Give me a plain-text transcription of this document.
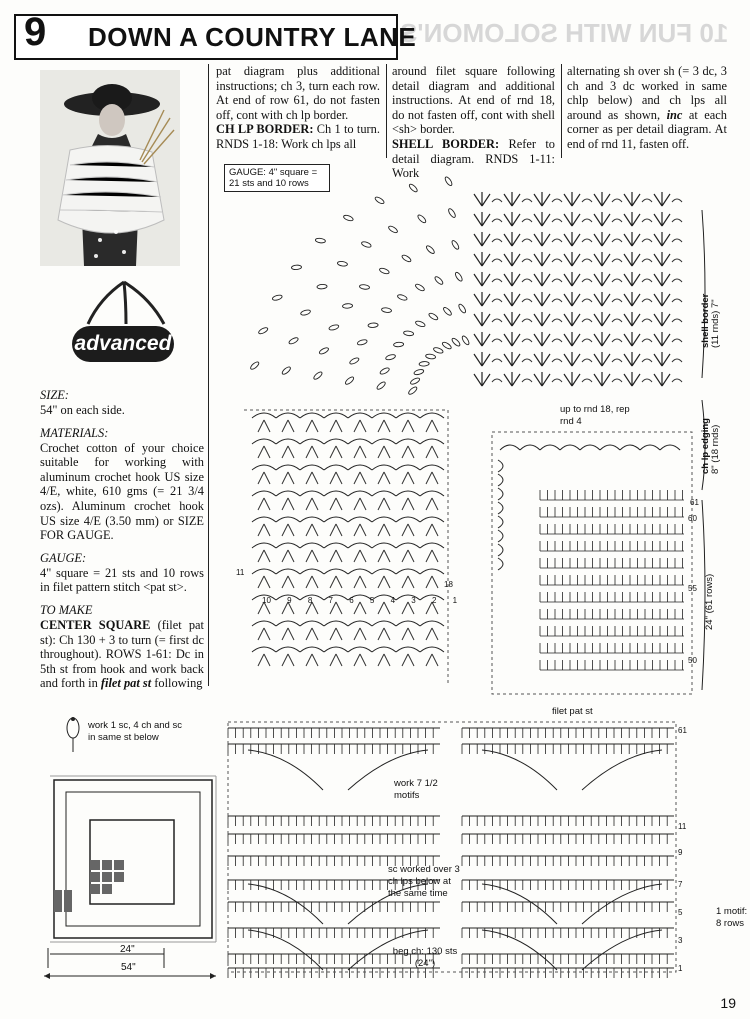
10 FUN WITH SOLOMON'S
9 DOWN A COUNTRY LANE
advanced
pat diagram plus additional instructions; ch 3, turn each row. At end of row 61, do not fasten off, cont with ch lp border.
CH LP BORDER: Ch 1 to turn. RNDS 1-18: Work ch lps all
around filet square following detail diagram and additional instructions. At end of rnd 18, do not fasten off, cont with shell <sh> border.
SHELL BORDER: Refer to detail diagram. RNDS 1-11: Work
alternating sh over sh (= 3 dc, 3 ch and 3 dc worked in same chlp below) and ch lps all around as shown, inc at each corner as per detail diagram. At end of rnd 11, fasten off.
SIZE:
54" on each side.
MATERIALS:
Crochet cotton of your choice suitable for working with aluminum crochet hook US size 4/E, white, 610 gms (= 21 3/4 ozs). Aluminum crochet hook US size 4/E (3.50 mm) or SIZE FOR GAUGE.
GAUGE:
4" square = 21 sts and 10 rows in filet pattern stitch <pat st>.
TO MAKE
CENTER SQUARE (filet pat st): Ch 130 + 3 to turn (= first dc throughout). ROWS 1-61: Dc in 5th st from hook and work back and forth in filet pat st following
GAUGE: 4" square = 21 sts and 10 rows
shell border (11 rnds) 7"
up to rnd 18, rep rnd 4	ch lp edging 8" (18 rnds)
24" (61 rows)
61
60
55
50
11
18
10 9 8 7 6 5 4 3 2 1
filet pat st
work 7 1/2 motifs
sc worked over 3 ch lps below at the same time
beg ch: 130 sts (24")
1 motif: 8 rows
61
11
9
7
5
3
1
work 1 sc, 4 ch and sc in same st below
24"
54"
19
